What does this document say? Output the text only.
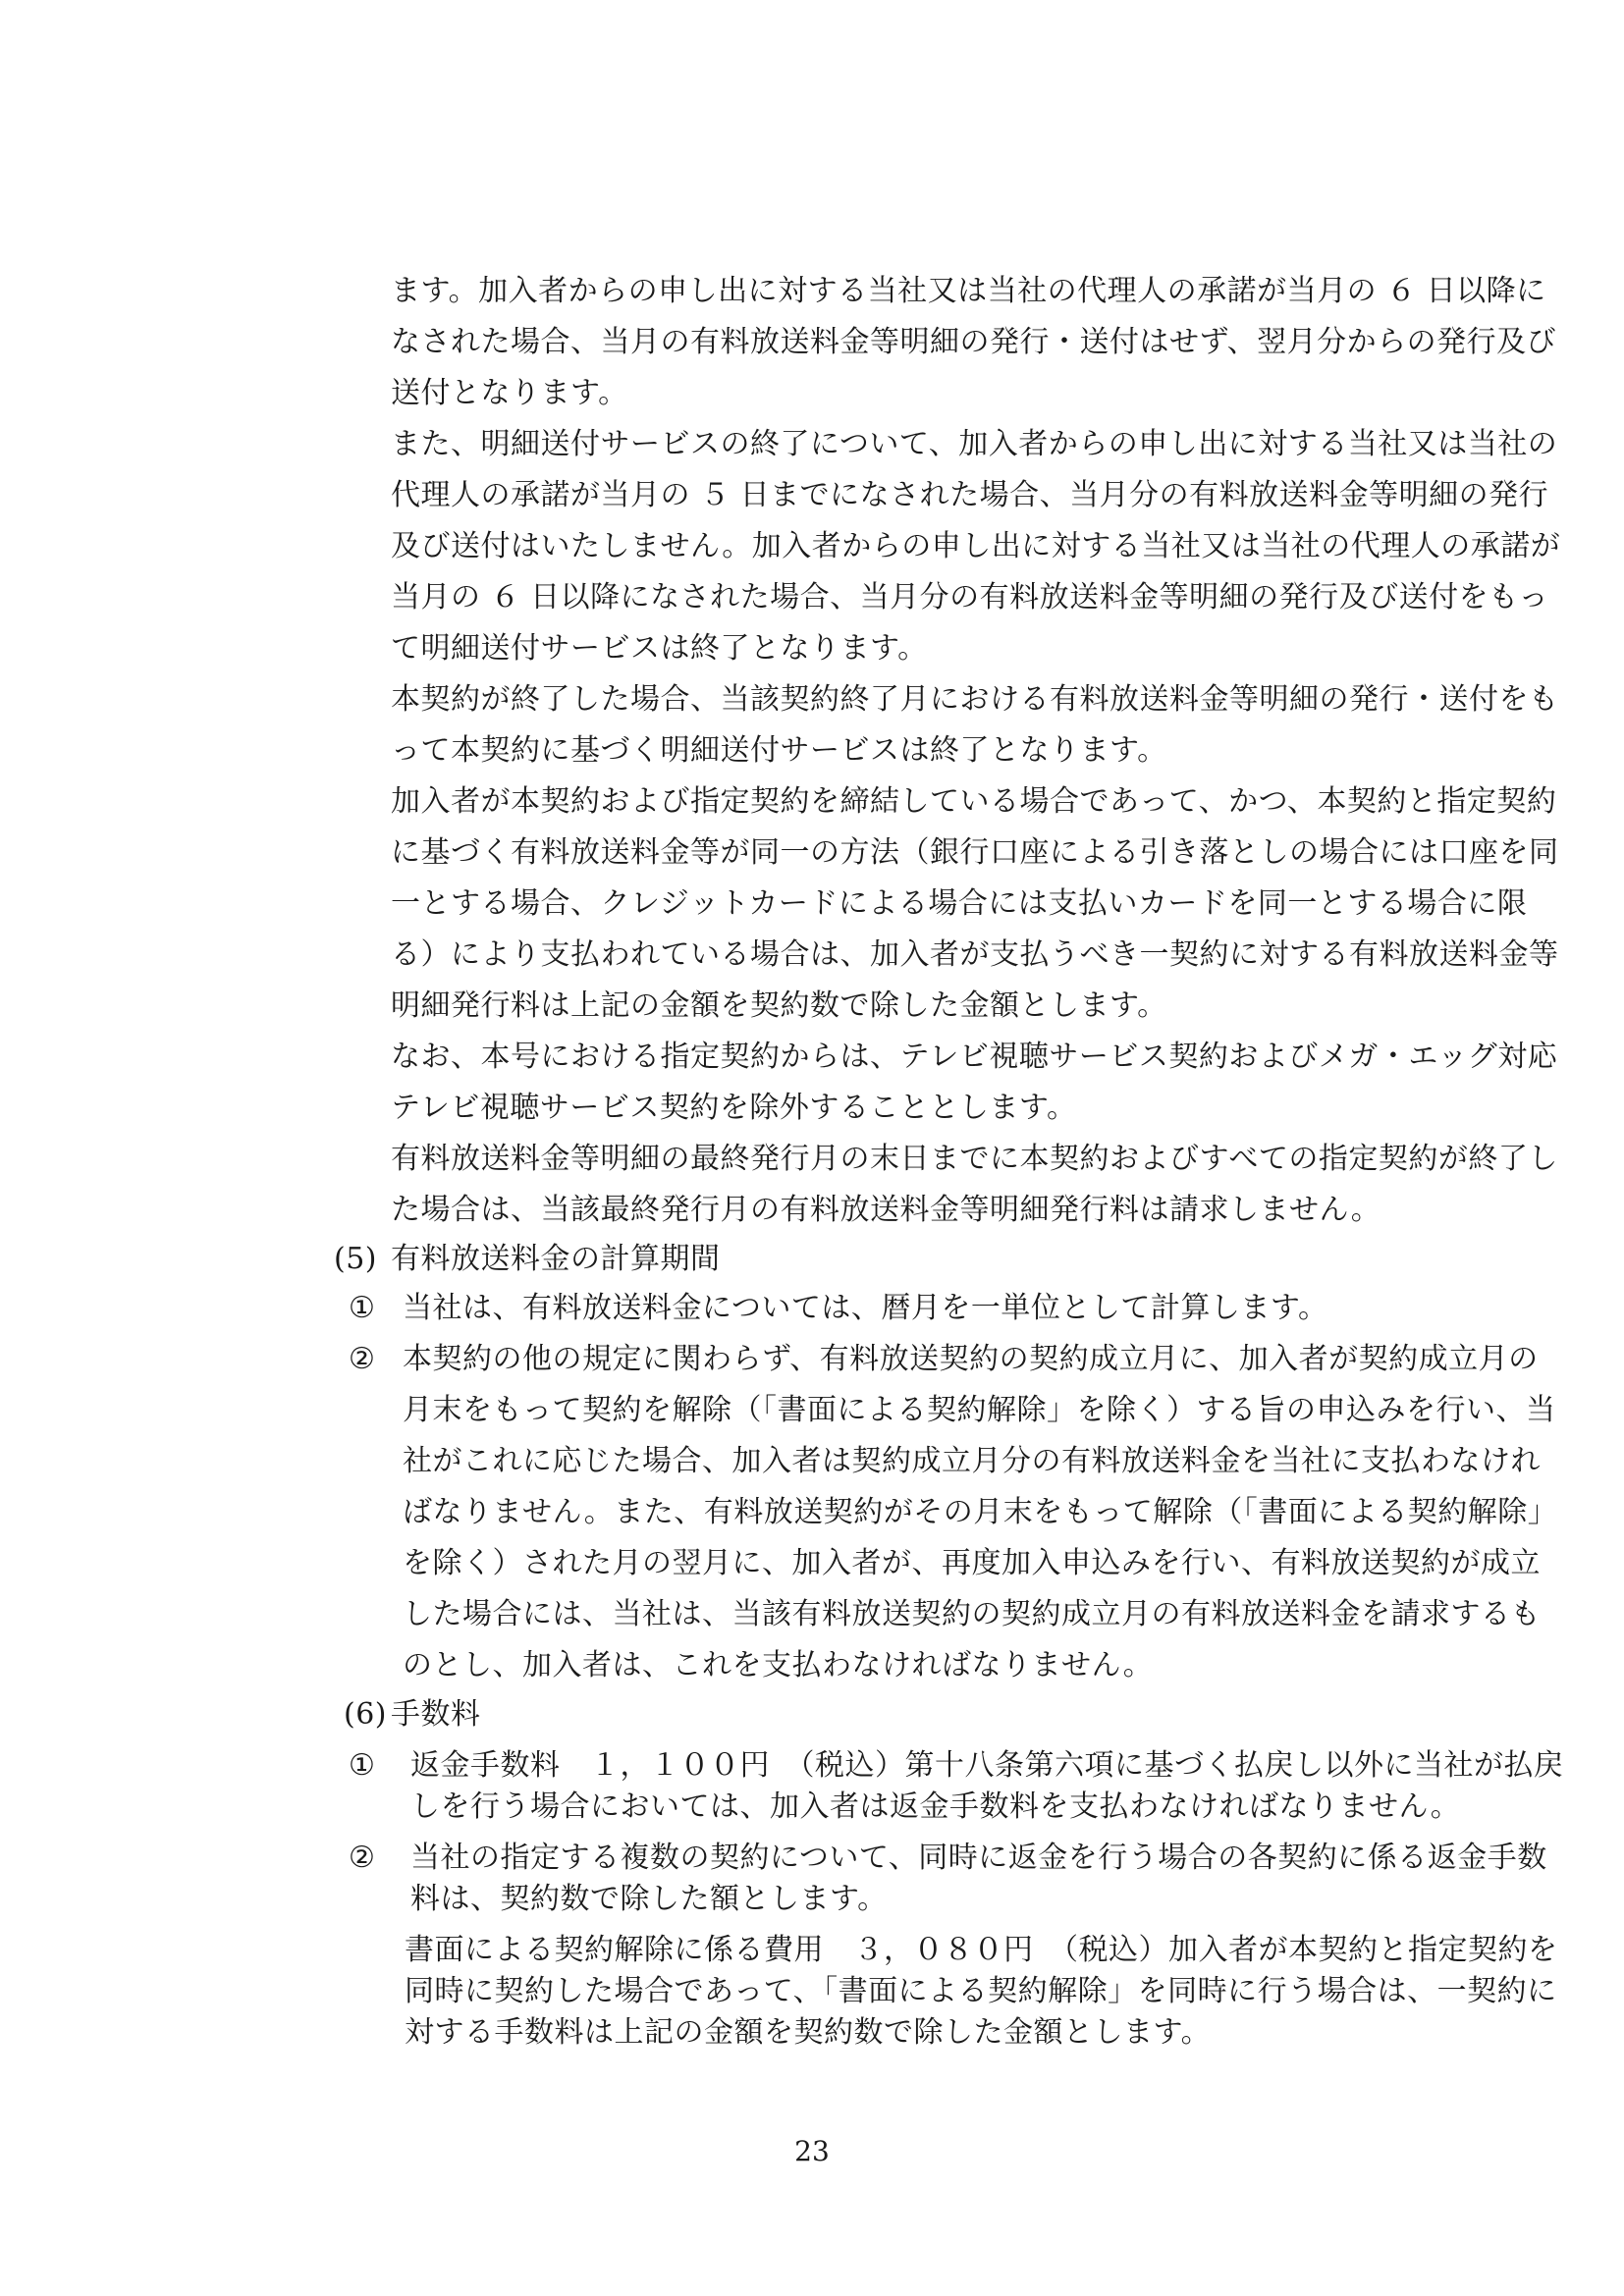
ます。加入者からの申し出に対する当社又は当社の代理人の承諾が当月の ６ 日以降に
なされた場合、当月の有料放送料金等明細の発行・送付はせず、翌月分からの発行及び
送付となります。
また、明細送付サービスの終了について、加入者からの申し出に対する当社又は当社の
代理人の承諾が当月の ５ 日までになされた場合、当月分の有料放送料金等明細の発行
及び送付はいたしません。加入者からの申し出に対する当社又は当社の代理人の承諾が
当月の ６ 日以降になされた場合、当月分の有料放送料金等明細の発行及び送付をもっ
て明細送付サービスは終了となります。
本契約が終了した場合、当該契約終了月における有料放送料金等明細の発行・送付をも
って本契約に基づく明細送付サービスは終了となります。
加入者が本契約および指定契約を締結している場合であって、かつ、本契約と指定契約
に基づく有料放送料金等が同一の方法（銀行口座による引き落としの場合には口座を同
一とする場合、クレジットカードによる場合には支払いカードを同一とする場合に限
る）により支払われている場合は、加入者が支払うべき一契約に対する有料放送料金等
明細発行料は上記の金額を契約数で除した金額とします。
なお、本号における指定契約からは、テレビ視聴サービス契約およびメガ・エッグ対応
テレビ視聴サービス契約を除外することとします。
有料放送料金等明細の最終発行月の末日までに本契約およびすべての指定契約が終了し
た場合は、当該最終発行月の有料放送料金等明細発行料は請求しません。
(5) 有料放送料金の計算期間
① 当社は、有料放送料金については、暦月を一単位として計算します。
② 本契約の他の規定に関わらず、有料放送契約の契約成立月に、加入者が契約成立月の
月末をもって契約を解除（「書面による契約解除」を除く）する旨の申込みを行い、当
社がこれに応じた場合、加入者は契約成立月分の有料放送料金を当社に支払わなけれ
ばなりません。また、有料放送契約がその月末をもって解除（「書面による契約解除」
を除く）された月の翌月に、加入者が、再度加入申込みを行い、有料放送契約が成立
した場合には、当社は、当該有料放送契約の契約成立月の有料放送料金を請求するも
のとし、加入者は、これを支払わなければなりません。
(6) 手数料
① 返金手数料　１，１００円　（税込）第十八条第六項に基づく払戻し以外に当社が払戻
しを行う場合においては、加入者は返金手数料を支払わなければなりません。
② 当社の指定する複数の契約について、同時に返金を行う場合の各契約に係る返金手数
料は、契約数で除した額とします。
書面による契約解除に係る費用　３，０８０円　（税込）加入者が本契約と指定契約を
同時に契約した場合であって、「書面による契約解除」を同時に行う場合は、一契約に
対する手数料は上記の金額を契約数で除した金額とします。
23
